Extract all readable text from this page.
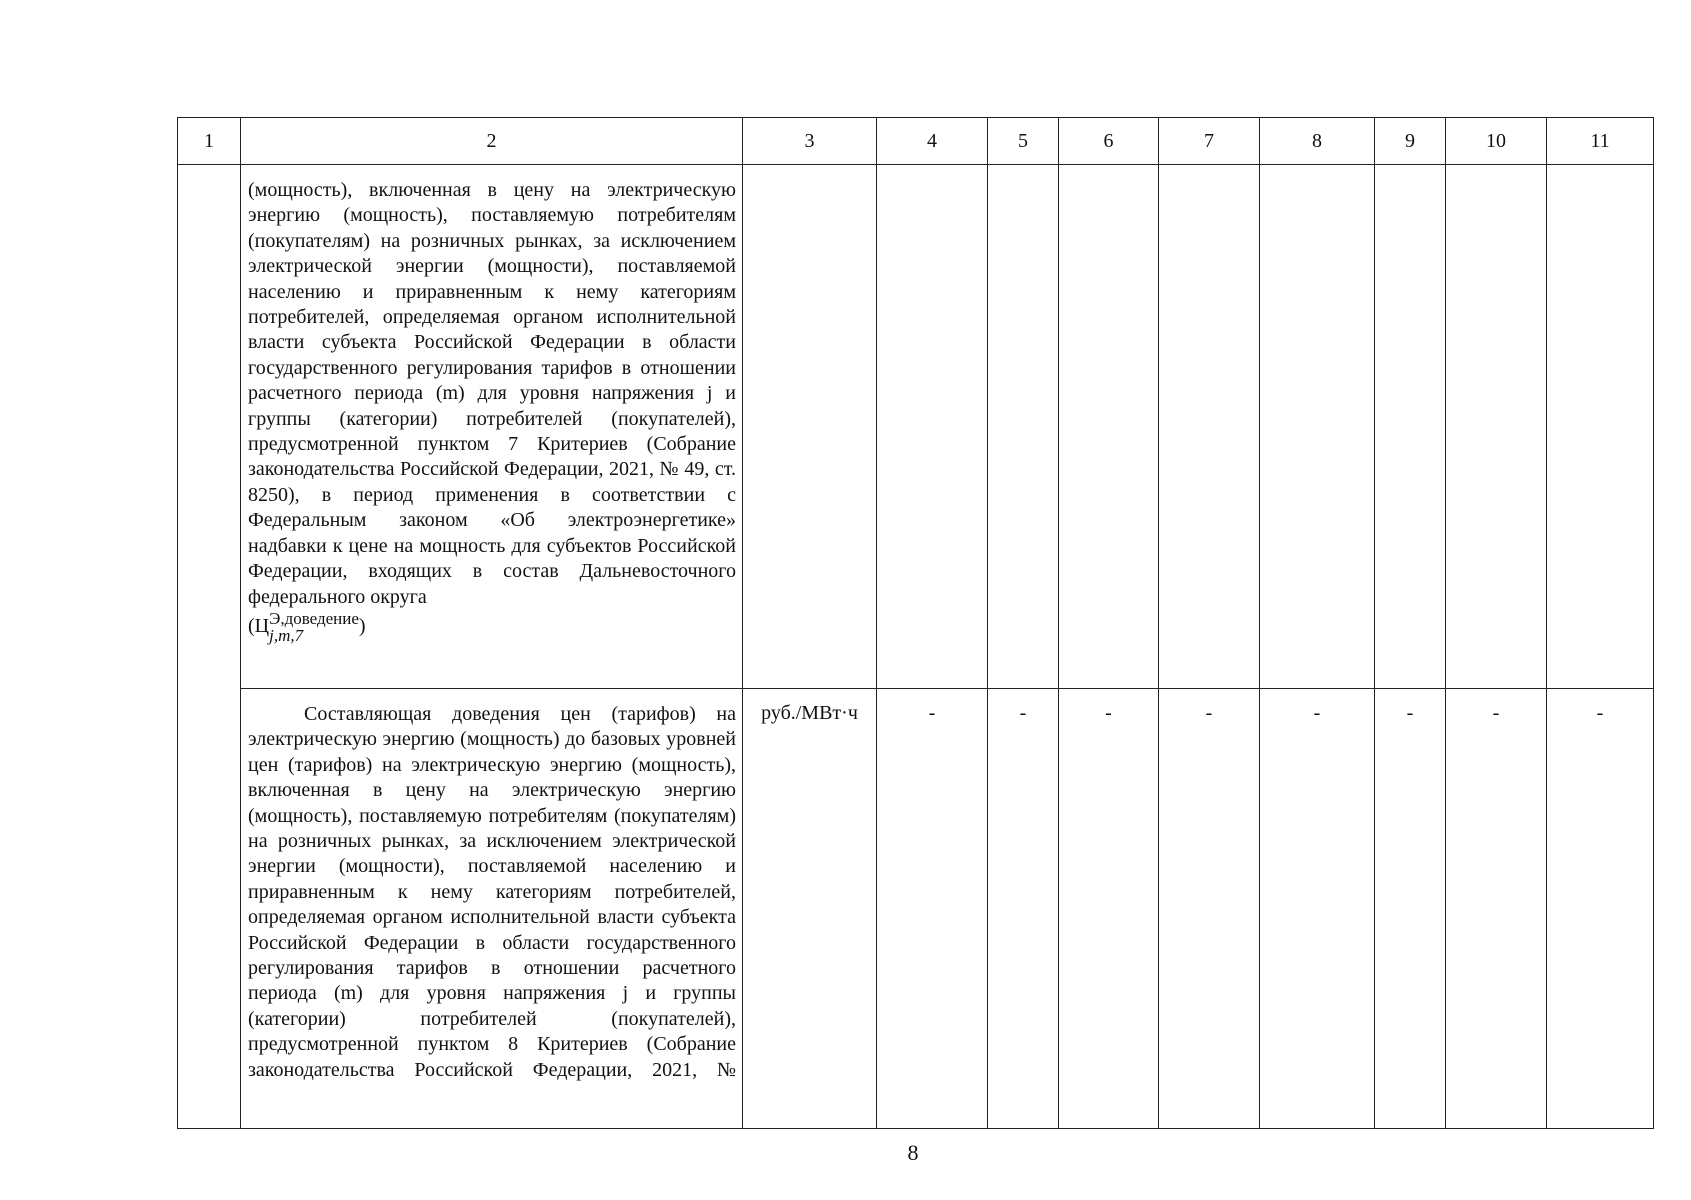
1	2	3	4	5	6	7	8	9	10	11
	(мощность), включенная в цену на электрическую энергию (мощность), поставляемую потребителям (покупателям) на розничных рынках, за исключением электрической энергии (мощности), поставляемой населению и приравненным к нему категориям потребителей, определяемая органом исполнительной власти субъекта Российской Федерации в области государственного регулирования тарифов в отношении расчетного периода (m) для уровня напряжения j и группы (категории) потребителей (покупателей), предусмотренной пунктом 7 Критериев (Собрание законодательства Российской Федерации, 2021, № 49, ст. 8250), в период применения в соответствии с Федеральным законом «Об электроэнергетике» надбавки к цене на мощность для субъектов Российской Федерации, входящих в состав Дальневосточного федерального округа
(Ц Э,доведение
j,m,7 )									
	Составляющая доведения цен (тарифов) на электрическую энергию (мощность) до базовых уровней цен (тарифов) на электрическую энергию (мощность), включенная в цену на электрическую энергию (мощность), поставляемую потребителям (покупателям) на розничных рынках, за исключением электрической энергии (мощности), поставляемой населению и приравненным к нему категориям потребителей, определяемая органом исполнительной власти субъекта Российской Федерации в области государственного регулирования тарифов в отношении расчетного периода (m) для уровня напряжения j и группы (категории) потребителей (покупателей), предусмотренной пунктом 8 Критериев (Собрание законодательства Российской Федерации, 2021, №	руб./МВт·ч	-	-	-	-	-	-	-	-
8
